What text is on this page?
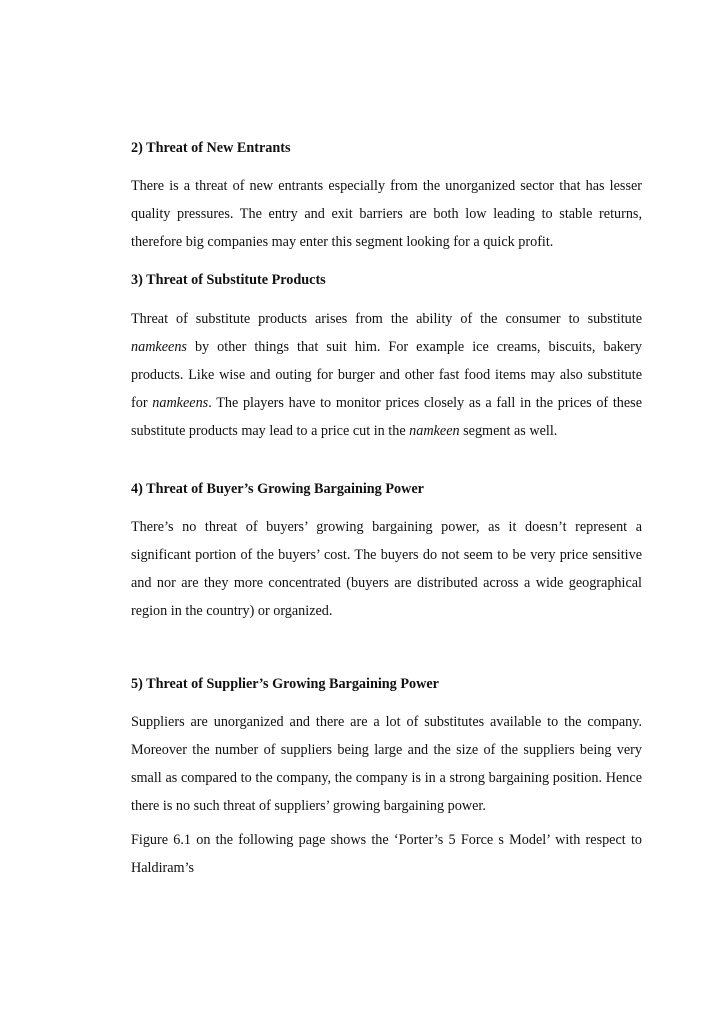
2) Threat of New Entrants

There is a threat of new entrants especially from the unorganized sector that has lesser quality pressures. The entry and exit barriers are both low leading to stable returns, therefore big companies may enter this segment looking for a quick profit.

3) Threat of Substitute Products

Threat of substitute products arises from the ability of the consumer to substitute namkeens by other things that suit him. For example ice creams, biscuits, bakery products. Like wise and outing for burger and other fast food items may also substitute for namkeens. The players have to monitor prices closely as a fall in the prices of these substitute products may lead to a price cut in the namkeen segment as well.

4) Threat of Buyer’s Growing Bargaining Power

There’s no threat of buyers’ growing bargaining power, as it doesn’t represent a significant portion of the buyers’ cost. The buyers do not seem to be very price sensitive and nor are they more concentrated (buyers are distributed across a wide geographical region in the country) or organized.

5) Threat of Supplier’s Growing Bargaining Power

Suppliers are unorganized and there are a lot of substitutes available to the company. Moreover the number of suppliers being large and the size of the suppliers being very small as compared to the company, the company is in a strong bargaining position. Hence there is no such threat of suppliers’ growing bargaining power.

Figure 6.1 on the following page shows the ‘Porter’s 5 Force s Model’ with respect to Haldiram’s
